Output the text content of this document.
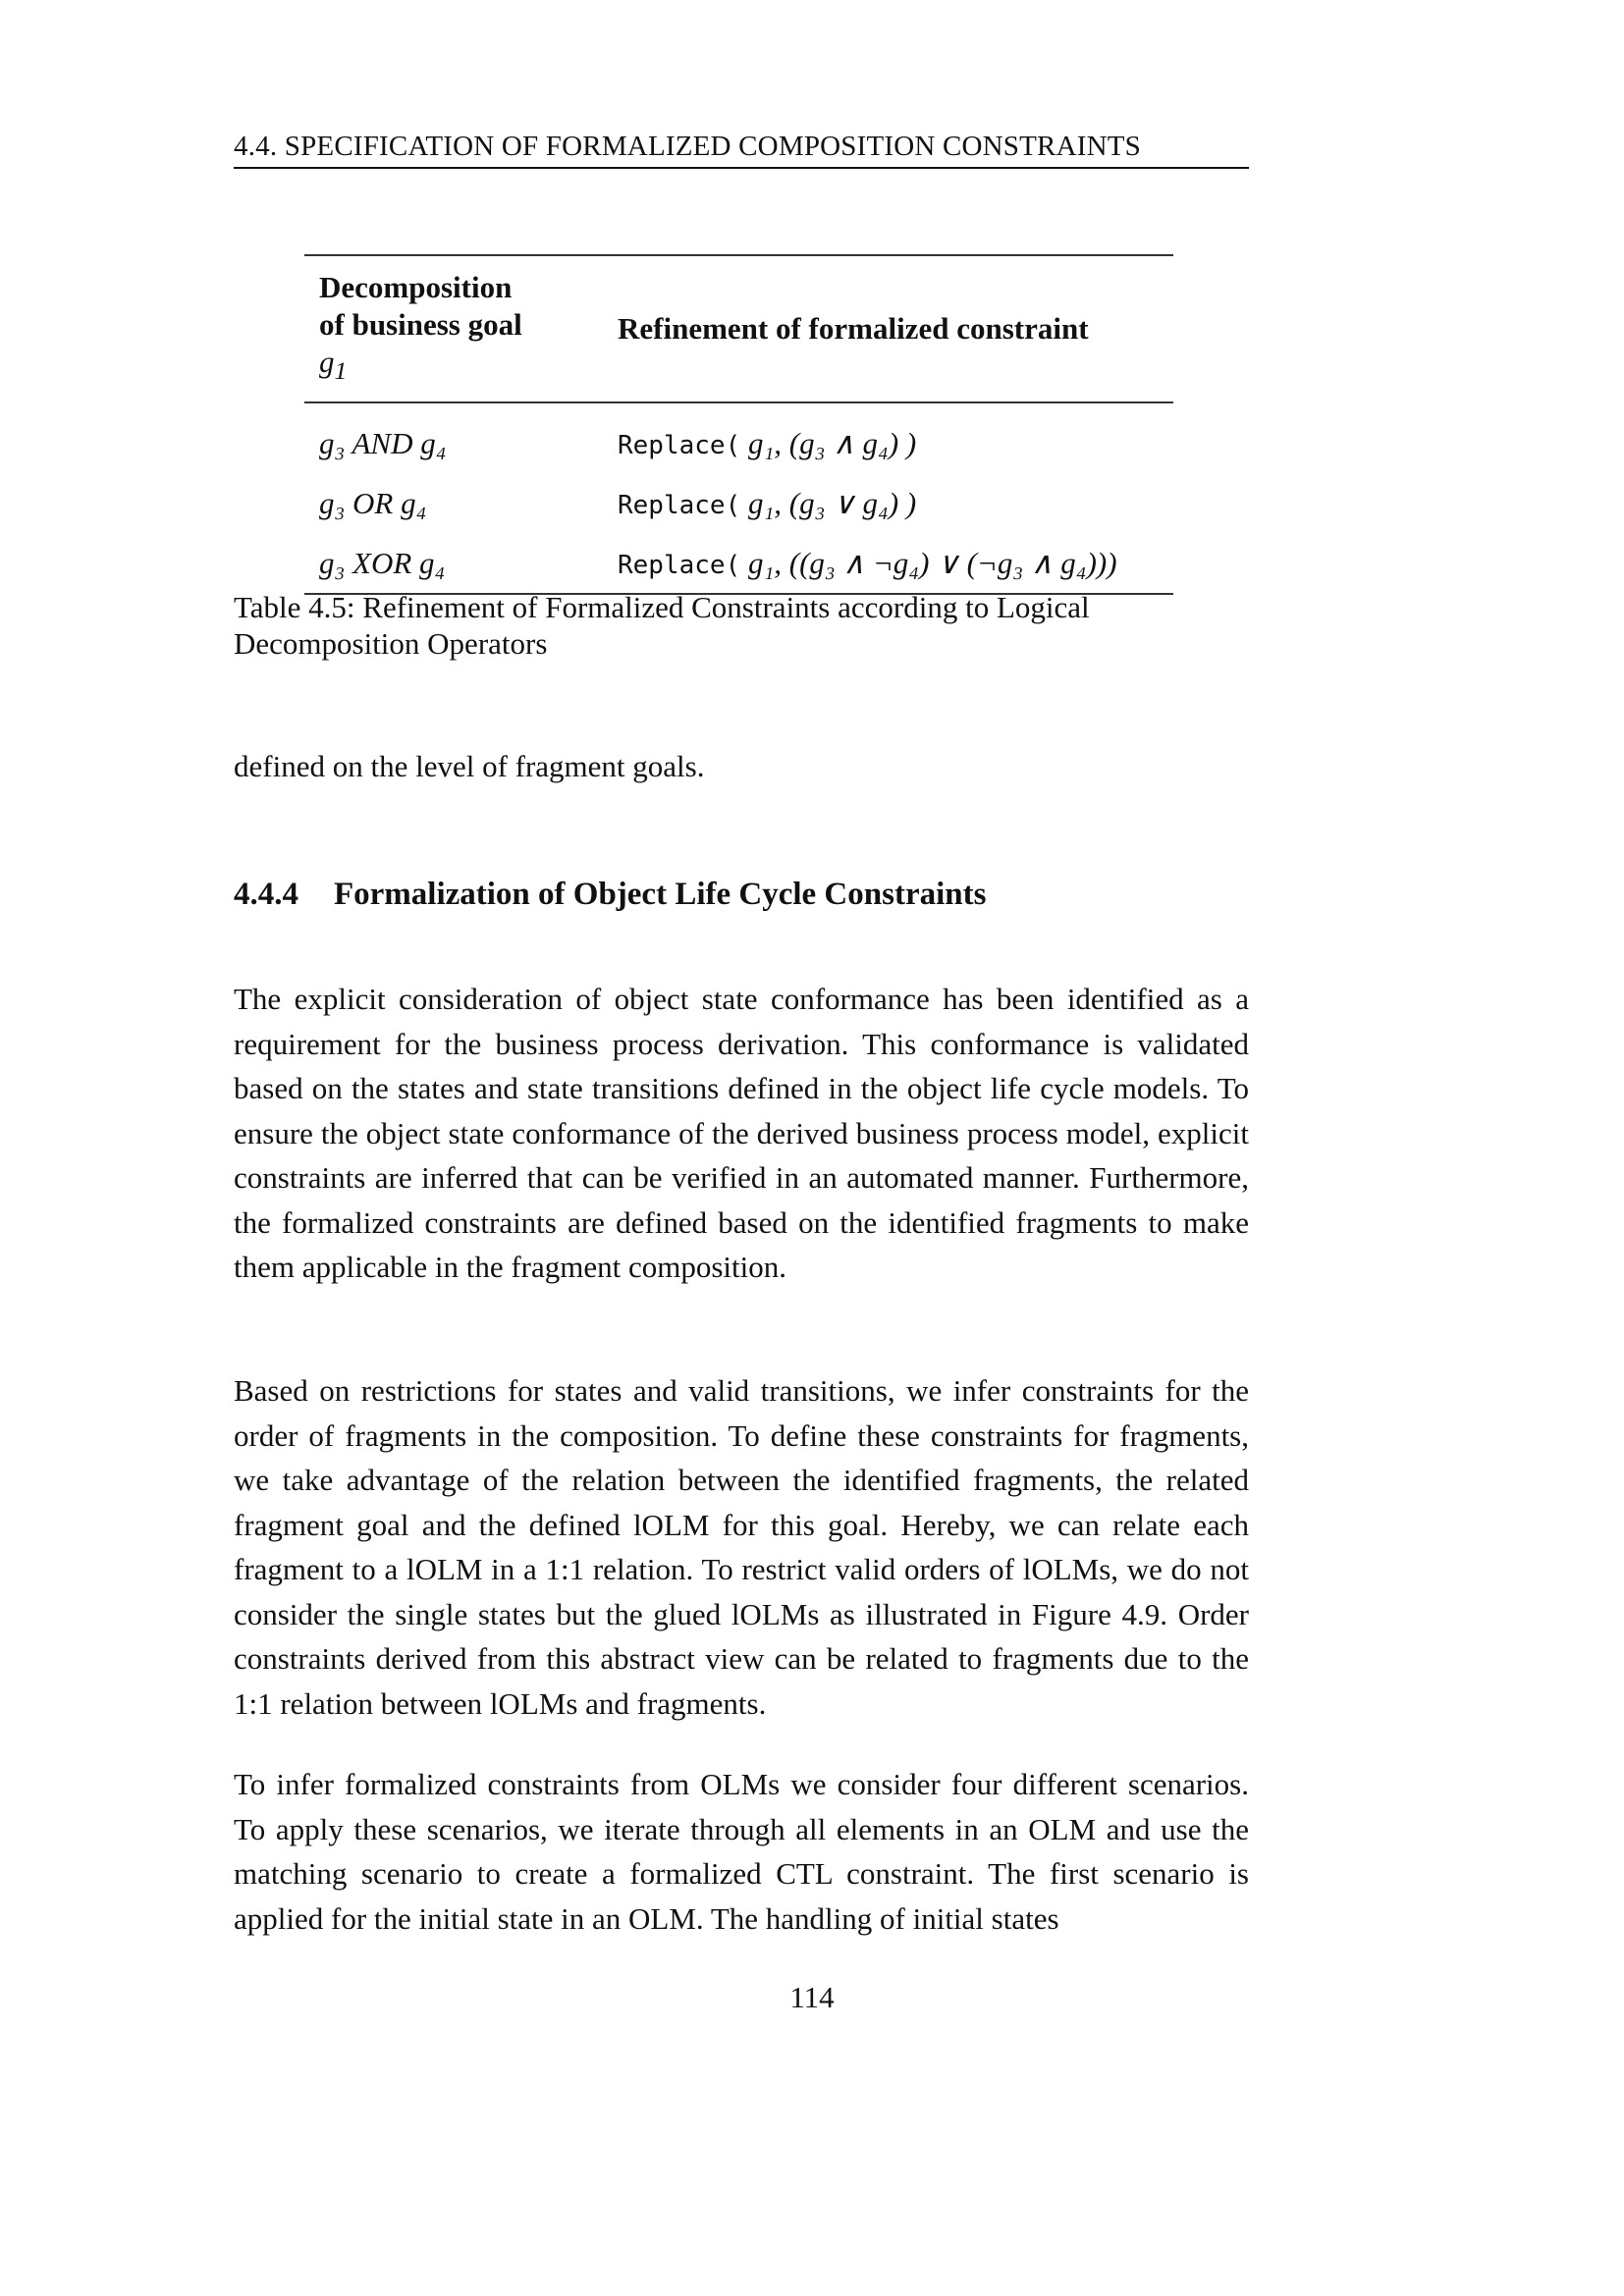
4.4. SPECIFICATION OF FORMALIZED COMPOSITION CONSTRAINTS
Decomposition
of business goal
$g_1$	Refinement of formalized constraint
g₃ AND g₄	Replace( g₁, (g₃ ∧ g₄) )
g₃ OR g₄	Replace( g₁, (g₃ ∨ g₄) )
g₃ XOR g₄	Replace( g₁, ((g₃ ∧ ¬g₄) ∨ (¬g₃ ∧ g₄)))
Table 4.5: Refinement of Formalized Constraints according to Logical Decomposition Operators
defined on the level of fragment goals.
4.4.4 Formalization of Object Life Cycle Constraints
The explicit consideration of object state conformance has been identified as a requirement for the business process derivation. This conformance is validated based on the states and state transitions defined in the object life cycle models. To ensure the object state conformance of the derived business process model, explicit constraints are inferred that can be verified in an automated manner. Furthermore, the formalized constraints are defined based on the identified fragments to make them applicable in the fragment composition.
Based on restrictions for states and valid transitions, we infer constraints for the order of fragments in the composition. To define these constraints for fragments, we take advantage of the relation between the identified fragments, the related fragment goal and the defined lOLM for this goal. Hereby, we can relate each fragment to a lOLM in a 1:1 relation. To restrict valid orders of lOLMs, we do not consider the single states but the glued lOLMs as illustrated in Figure 4.9. Order constraints derived from this abstract view can be related to fragments due to the 1:1 relation between lOLMs and fragments.
To infer formalized constraints from OLMs we consider four different scenarios. To apply these scenarios, we iterate through all elements in an OLM and use the matching scenario to create a formalized CTL constraint. The first scenario is applied for the initial state in an OLM. The handling of initial states
114
